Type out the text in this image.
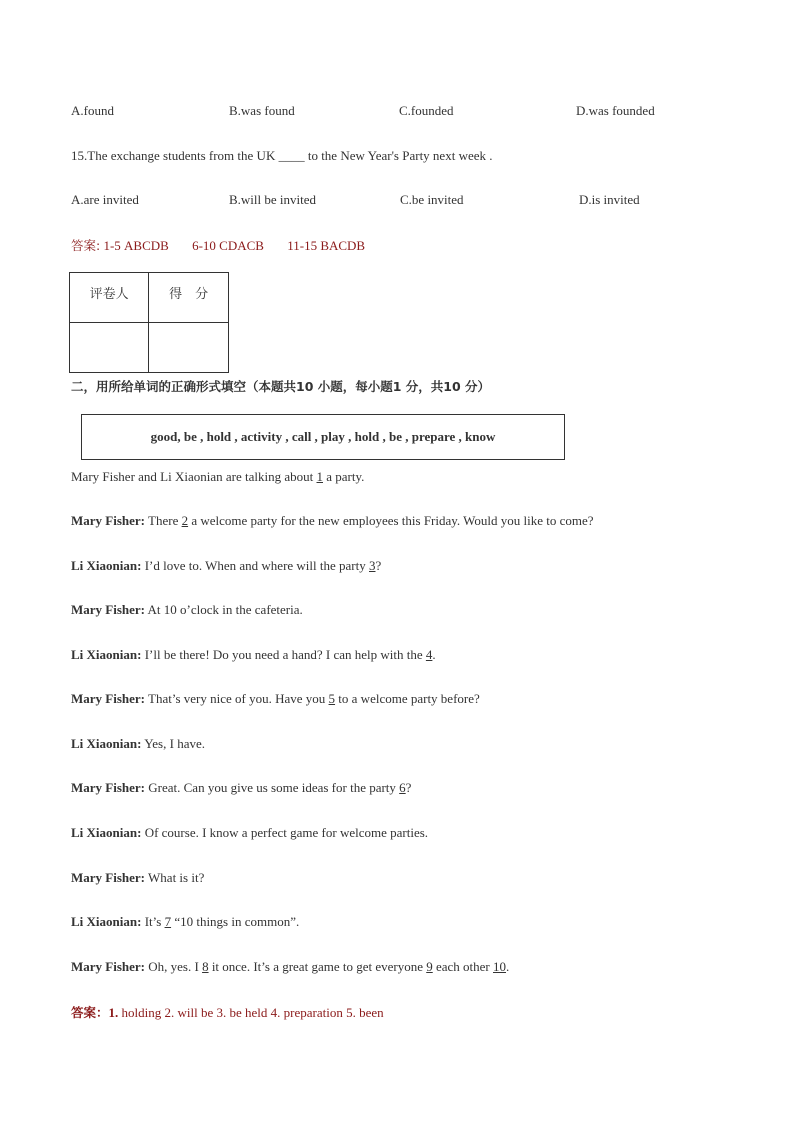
A.found	B.was found	C.founded	D.was founded
15.The exchange students from the UK ____ to the New Year's Party next week .
A.are invited	B.will be invited	C.be invited	D.is invited
答案: 1-5 ABCDB 6-10 CDACB 11-15 BACDB
评卷人	得　分

二，用所给单词的正确形式填空（本题共10 小题，每小题1 分，共10 分）
good, be , hold , activity , call , play , hold , be , prepare , know
Mary Fisher and Li Xiaonian are talking about 1 a party.
Mary Fisher: There 2 a welcome party for the new employees this Friday. Would you like to come?
Li Xiaonian: I’d love to. When and where will the party 3?
Mary Fisher: At 10 o’clock in the cafeteria.
Li Xiaonian: I’ll be there! Do you need a hand? I can help with the 4.
Mary Fisher: That’s very nice of you. Have you 5 to a welcome party before?
Li Xiaonian: Yes, I have.
Mary Fisher: Great. Can you give us some ideas for the party 6?
Li Xiaonian: Of course. I know a perfect game for welcome parties.
Mary Fisher: What is it?
Li Xiaonian: It’s 7 “10 things in common”.
Mary Fisher: Oh, yes. I 8 it once. It’s a great game to get everyone 9 each other 10.
答案：1. holding 2. will be 3. be held 4. preparation 5. been
